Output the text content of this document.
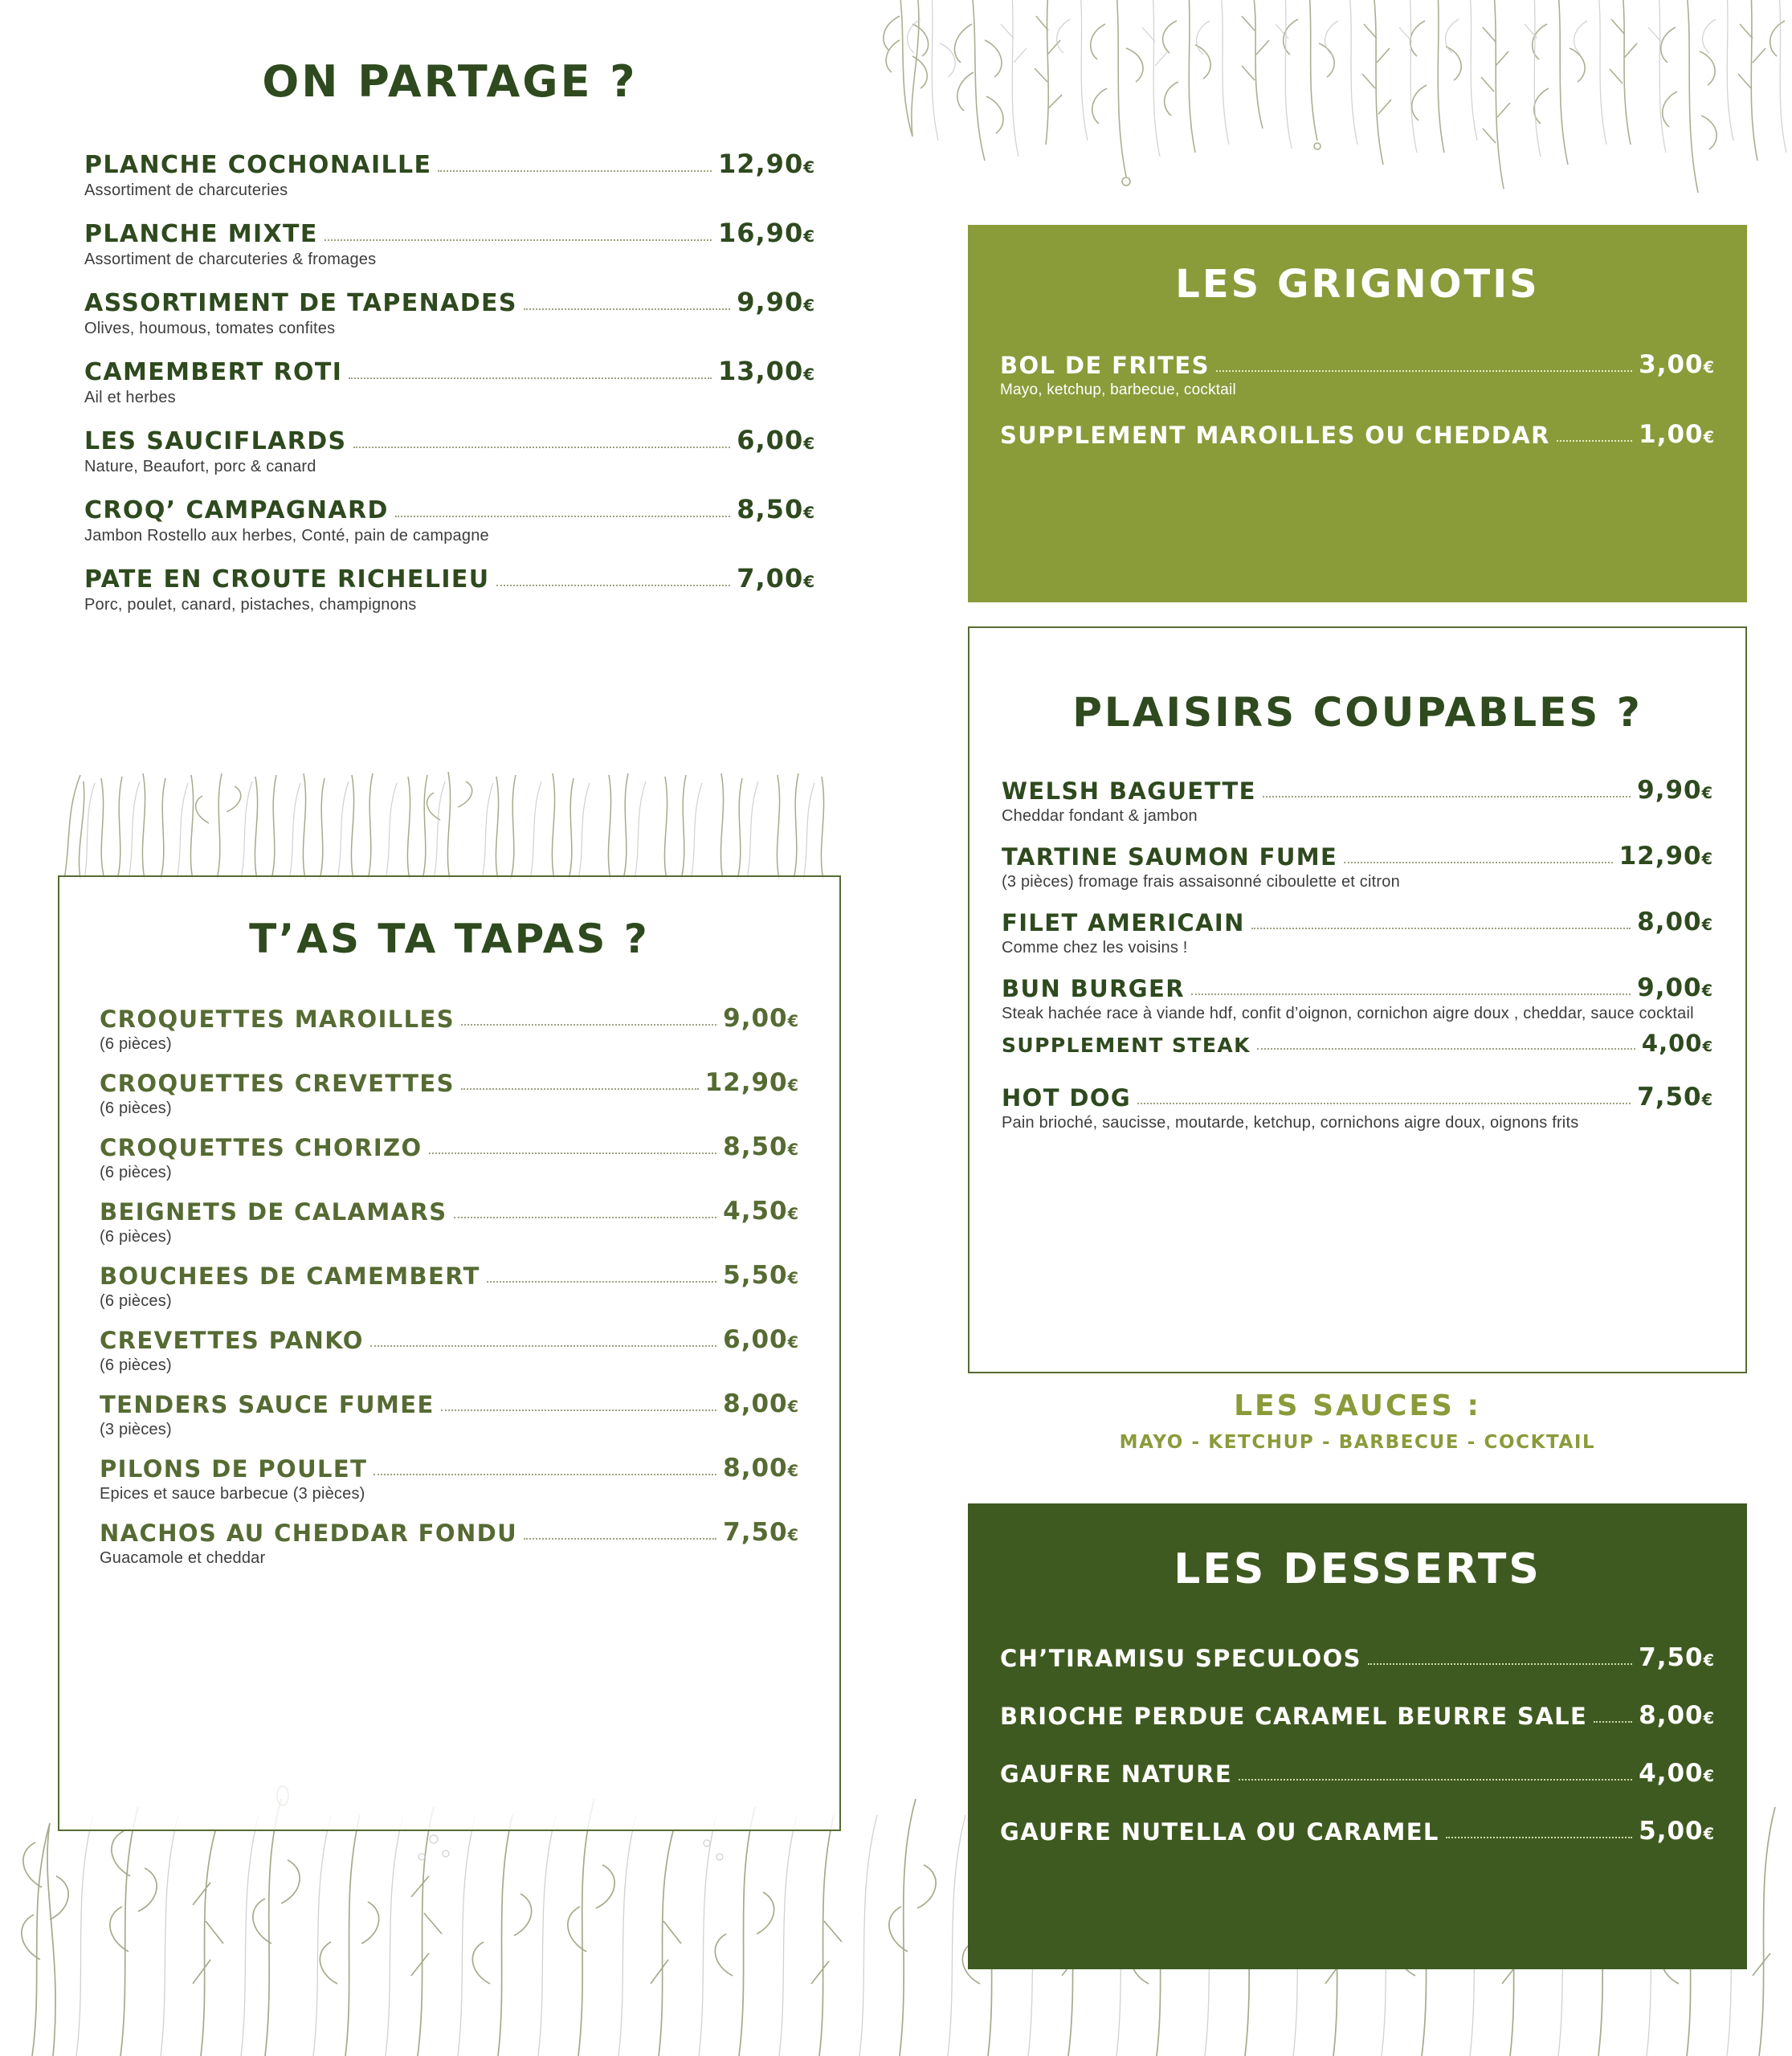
ON PARTAGE ?
PLANCHE COCHONAILLE	12,90€
Assortiment de charcuteries
PLANCHE MIXTE	16,90€
Assortiment de charcuteries & fromages
ASSORTIMENT DE TAPENADES	9,90€
Olives, houmous, tomates confites
CAMEMBERT ROTI	13,00€
Ail et herbes
LES SAUCIFLARDS	6,00€
Nature, Beaufort, porc & canard
CROQ’ CAMPAGNARD	8,50€
Jambon Rostello aux herbes, Conté, pain de campagne
PATE EN CROUTE RICHELIEU	7,00€
Porc, poulet, canard, pistaches, champignons
T’AS TA TAPAS ?
CROQUETTES MAROILLES	9,00€
(6 pièces)
CROQUETTES CREVETTES	12,90€
(6 pièces)
CROQUETTES CHORIZO	8,50€
(6 pièces)
BEIGNETS DE CALAMARS	4,50€
(6 pièces)
BOUCHEES DE CAMEMBERT	5,50€
(6 pièces)
CREVETTES PANKO	6,00€
(6 pièces)
TENDERS SAUCE FUMEE	8,00€
(3 pièces)
PILONS DE POULET	8,00€
Epices et sauce barbecue (3 pièces)
NACHOS AU CHEDDAR FONDU	7,50€
Guacamole et cheddar
LES GRIGNOTIS
BOL DE FRITES	3,00€
Mayo, ketchup, barbecue, cocktail
SUPPLEMENT MAROILLES OU CHEDDAR	1,00€
PLAISIRS COUPABLES ?
WELSH BAGUETTE	9,90€
Cheddar fondant & jambon
TARTINE SAUMON FUME	12,90€
(3 pièces) fromage frais assaisonné ciboulette et citron
FILET AMERICAIN	8,00€
Comme chez les voisins !
BUN BURGER	9,00€
Steak hachée race à viande hdf, confit d’oignon, cornichon aigre doux , cheddar, sauce cocktail
SUPPLEMENT STEAK	4,00€
HOT DOG	7,50€
Pain brioché, saucisse, moutarde, ketchup, cornichons aigre doux, oignons frits
LES SAUCES :
MAYO - KETCHUP - BARBECUE - COCKTAIL
LES DESSERTS
CH’TIRAMISU SPECULOOS	7,50€
BRIOCHE PERDUE CARAMEL BEURRE SALE 8,00€
GAUFRE NATURE	4,00€
GAUFRE NUTELLA OU CARAMEL	5,00€
